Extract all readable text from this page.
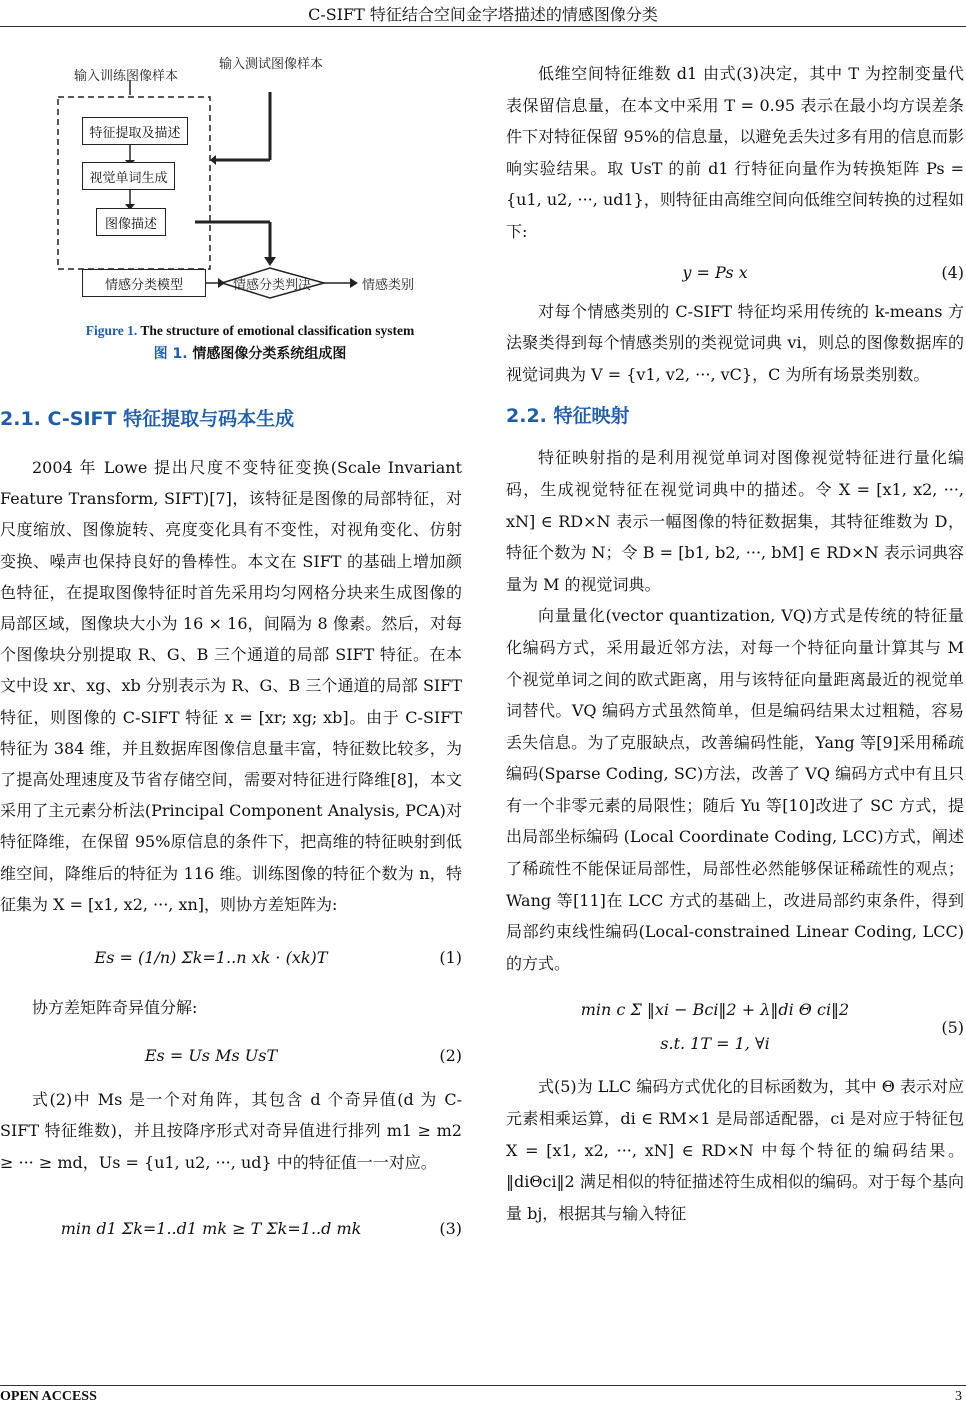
C-SIFT 特征结合空间金字塔描述的情感图像分类
输入训练图像样本
输入测试图像样本
特征提取及描述
视觉单词生成
图像描述
情感分类模型	情感分类判决	情感类别
Figure 1. The structure of emotional classification system
图 1. 情感图像分类系统组成图
2.1. C-SIFT 特征提取与码本生成

2004 年 Lowe 提出尺度不变特征变换(Scale Invariant Feature Transform, SIFT)[7]，该特征是图像的局部特征，对尺度缩放、图像旋转、亮度变化具有不变性，对视角变化、仿射变换、噪声也保持良好的鲁棒性。本文在 SIFT 的基础上增加颜色特征，在提取图像特征时首先采用均匀网格分块来生成图像的局部区域，图像块大小为 16 × 16，间隔为 8 像素。然后，对每个图像块分别提取 R、G、B 三个通道的局部 SIFT 特征。在本文中设 xr、xg、xb 分别表示为 R、G、B 三个通道的局部 SIFT 特征，则图像的 C-SIFT 特征 x = [xr; xg; xb]。由于 C-SIFT 特征为 384 维，并且数据库图像信息量丰富，特征数比较多，为了提高处理速度及节省存储空间，需要对特征进行降维[8]，本文采用了主元素分析法(Principal Component Analysis, PCA)对特征降维，在保留 95%原信息的条件下，把高维的特征映射到低维空间，降维后的特征为 116 维。训练图像的特征个数为 n，特征集为 X = [x1, x2, ···, xn]，则协方差矩阵为:

Es = (1/n) Σk=1..n xk · (xk)T	(1)

协方差矩阵奇异值分解:

Es = Us Ms UsT	(2)

式(2)中 Ms 是一个对角阵，其包含 d 个奇异值(d 为 C-SIFT 特征维数)，并且按降序形式对奇异值进行排列 m1 ≥ m2 ≥ ··· ≥ md，Us = {u1, u2, ···, ud} 中的特征值一一对应。

min d1 Σk=1..d1 mk ≥ T Σk=1..d mk	(3)

低维空间特征维数 d1 由式(3)决定，其中 T 为控制变量代表保留信息量，在本文中采用 T = 0.95 表示在最小均方误差条件下对特征保留 95%的信息量，以避免丢失过多有用的信息而影响实验结果。取 UsT 的前 d1 行特征向量作为转换矩阵 Ps = {u1, u2, ···, ud1}，则特征由高维空间向低维空间转换的过程如下:

y = Ps x	(4)

对每个情感类别的 C-SIFT 特征均采用传统的 k-means 方法聚类得到每个情感类别的类视觉词典 vi，则总的图像数据库的视觉词典为 V = {v1, v2, ···, vC}，C 为所有场景类别数。

2.2. 特征映射

特征映射指的是利用视觉单词对图像视觉特征进行量化编码，生成视觉特征在视觉词典中的描述。令 X = [x1, x2, ···, xN] ∈ RD×N 表示一幅图像的特征数据集，其特征维数为 D，特征个数为 N；令 B = [b1, b2, ···, bM] ∈ RD×N 表示词典容量为 M 的视觉词典。

向量量化(vector quantization, VQ)方式是传统的特征量化编码方式，采用最近邻方法，对每一个特征向量计算其与 M 个视觉单词之间的欧式距离，用与该特征向量距离最近的视觉单词替代。VQ 编码方式虽然简单，但是编码结果太过粗糙，容易丢失信息。为了克服缺点，改善编码性能，Yang 等[9]采用稀疏编码(Sparse Coding, SC)方法，改善了 VQ 编码方式中有且只有一个非零元素的局限性；随后 Yu 等[10]改进了 SC 方式，提出局部坐标编码 (Local Coordinate Coding, LCC)方式，阐述了稀疏性不能保证局部性，局部性必然能够保证稀疏性的观点；Wang 等[11]在 LCC 方式的基础上，改进局部约束条件，得到局部约束线性编码(Local-constrained Linear Coding, LCC)的方式。

min c Σ ‖xi − Bci‖2 + λ‖di Θ ci‖2
s.t. 1T = 1, ∀i
(5)

式(5)为 LLC 编码方式优化的目标函数为，其中 Θ 表示对应元素相乘运算，di ∈ RM×1 是局部适配器，ci 是对应于特征包 X = [x1, x2, ···, xN] ∈ RD×N 中每个特征的编码结果。‖diΘci‖2 满足相似的特征描述符生成相似的编码。对于每个基向量 bj，根据其与输入特征

OPEN ACCESS	3
